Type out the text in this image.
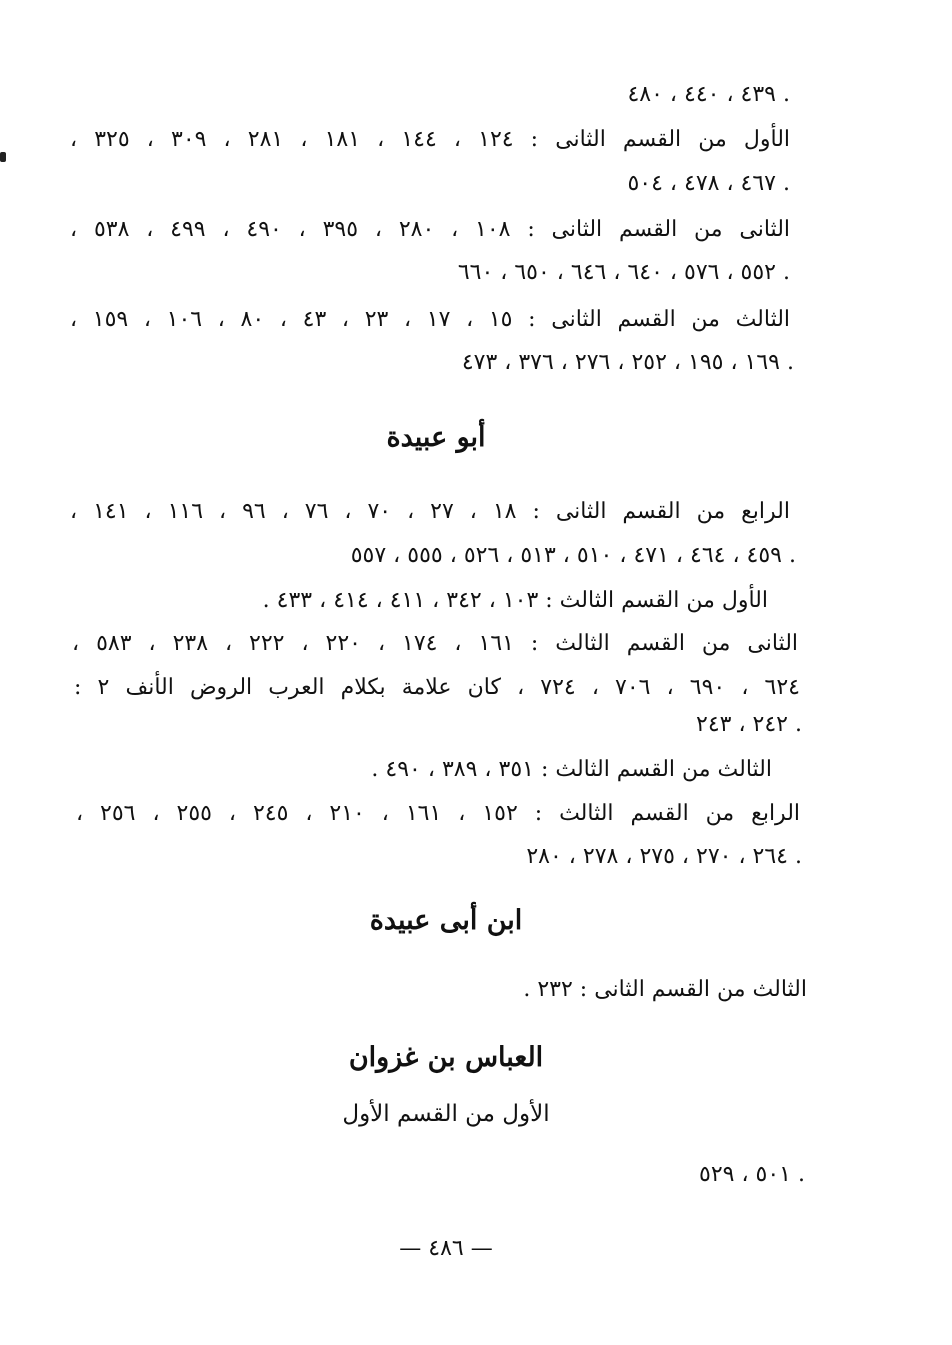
٤٣٩ ، ٤٤٠ ، ٤٨٠ .
الأول من القسم الثانى : ١٢٤ ، ١٤٤ ، ١٨١ ، ٢٨١ ، ٣٠٩ ، ٣٢٥ ،
٤٦٧ ، ٤٧٨ ، ٥٠٤ .
الثانى من القسم الثانى : ١٠٨ ، ٢٨٠ ، ٣٩٥ ، ٤٩٠ ، ٤٩٩ ، ٥٣٨ ،
٥٥٢ ، ٥٧٦ ، ٦٤٠ ، ٦٤٦ ، ٦٥٠ ، ٦٦٠ .
الثالث من القسم الثانى : ١٥ ، ١٧ ، ٢٣ ، ٤٣ ، ٨٠ ، ١٠٦ ، ١٥٩ ،
١٦٩ ، ١٩٥ ، ٢٥٢ ، ٢٧٦ ، ٣٧٦ ، ٤٧٣ .
أبو عبيدة
الرابع من القسم الثانى : ١٨ ، ٢٧ ، ٧٠ ، ٧٦ ، ٩٦ ، ١١٦ ، ١٤١ ،
٤٥٩ ، ٤٦٤ ، ٤٧١ ، ٥١٠ ، ٥١٣ ، ٥٢٦ ، ٥٥٥ ، ٥٥٧ .
الأول من القسم الثالث : ١٠٣ ، ٣٤٢ ، ٤١١ ، ٤١٤ ، ٤٣٣ .
الثانى من القسم الثالث : ١٦١ ، ١٧٤ ، ٢٢٠ ، ٢٢٢ ، ٢٣٨ ، ٥٨٣ ،
٦٢٤ ، ٦٩٠ ، ٧٠٦ ، ٧٢٤ ، كان علامة بكلام العرب الروض الأنف ٢ :
٢٤٢ ، ٢٤٣ .
الثالث من القسم الثالث : ٣٥١ ، ٣٨٩ ، ٤٩٠ .
الرابع من القسم الثالث : ١٥٢ ، ١٦١ ، ٢١٠ ، ٢٤٥ ، ٢٥٥ ، ٢٥٦ ،
٢٦٤ ، ٢٧٠ ، ٢٧٥ ، ٢٧٨ ، ٢٨٠ .
ابن أبى عبيدة
الثالث من القسم الثانى : ٢٣٢ .
العباس بن غزوان
الأول من القسم الأول
٥٠١ ، ٥٢٩ .
— ٤٨٦ —
